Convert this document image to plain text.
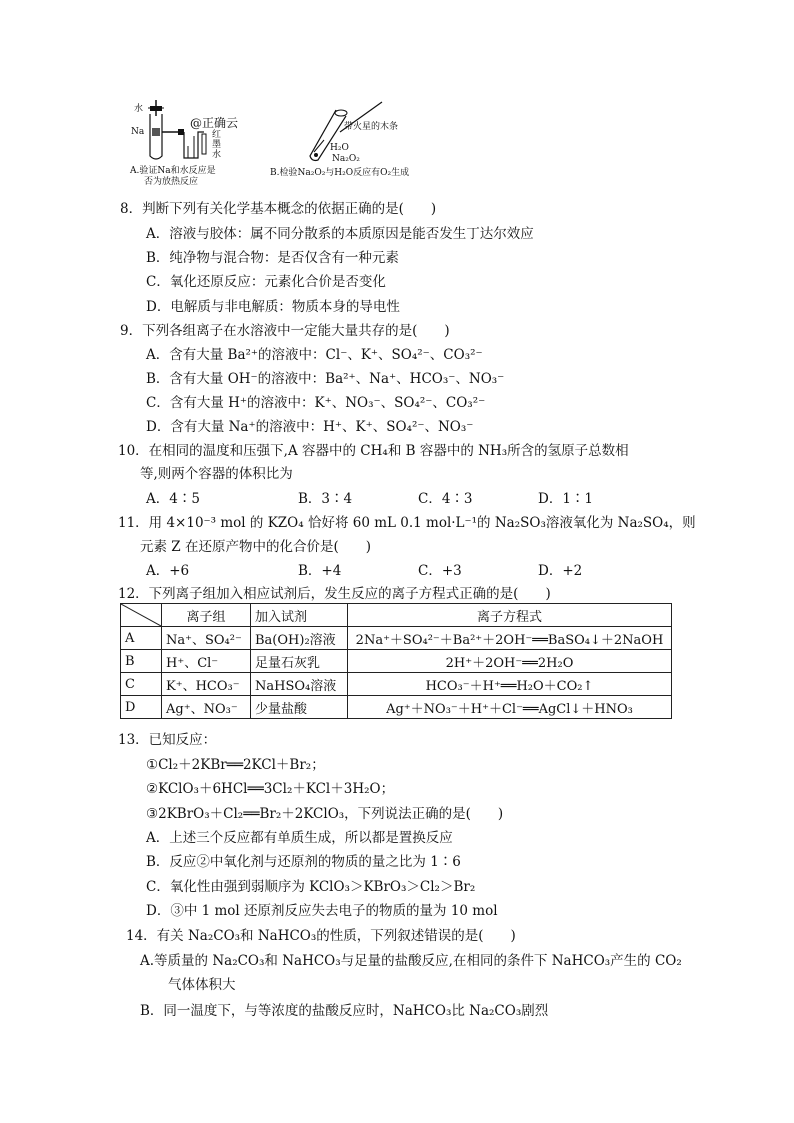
水
Na
@正确云
红
墨
水
A.验证Na和水反应是
否为放热反应
带火星的木条
H₂O
Na₂O₂
B.检验Na₂O₂与H₂O反应有O₂生成
8．判断下列有关化学基本概念的依据正确的是(　　)
A．溶液与胶体：属不同分散系的本质原因是能否发生丁达尔效应
B．纯净物与混合物：是否仅含有一种元素
C．氧化还原反应：元素化合价是否变化
D．电解质与非电解质：物质本身的导电性
9．下列各组离子在水溶液中一定能大量共存的是(　　)
A．含有大量 Ba²⁺的溶液中：Cl⁻、K⁺、SO₄²⁻、CO₃²⁻
B．含有大量 OH⁻的溶液中：Ba²⁺、Na⁺、HCO₃⁻、NO₃⁻
C．含有大量 H⁺的溶液中：K⁺、NO₃⁻、SO₄²⁻、CO₃²⁻
D．含有大量 Na⁺的溶液中：H⁺、K⁺、SO₄²⁻、NO₃⁻
10．在相同的温度和压强下,A 容器中的 CH₄和 B 容器中的 NH₃所含的氢原子总数相
等,则两个容器的体积比为
A．4∶5	B．3∶4	C．4∶3	D．1∶1
11．用 4×10⁻³ mol 的 KZO₄ 恰好将 60 mL 0.1 mol·L⁻¹的 Na₂SO₃溶液氧化为 Na₂SO₄，则
元素 Z 在还原产物中的化合价是(　　)
A．+6	B．+4	C．+3	D．+2
12．下列离子组加入相应试剂后，发生反应的离子方程式正确的是(　　)
	离子组	加入试剂	离子方程式
A	Na⁺、SO₄²⁻	Ba(OH)₂溶液	2Na⁺＋SO₄²⁻＋Ba²⁺＋2OH⁻══BaSO₄↓＋2NaOH
B	H⁺、Cl⁻	足量石灰乳	2H⁺＋2OH⁻══2H₂O
C	K⁺、HCO₃⁻	NaHSO₄溶液	HCO₃⁻＋H⁺══H₂O＋CO₂↑
D	Ag⁺、NO₃⁻	少量盐酸	Ag⁺＋NO₃⁻＋H⁺＋Cl⁻══AgCl↓＋HNO₃
13．已知反应：
①Cl₂＋2KBr══2KCl＋Br₂；
②KClO₃＋6HCl══3Cl₂＋KCl＋3H₂O；
③2KBrO₃＋Cl₂══Br₂＋2KClO₃，下列说法正确的是(　　)
A．上述三个反应都有单质生成，所以都是置换反应
B．反应②中氧化剂与还原剂的物质的量之比为 1∶6
C．氧化性由强到弱顺序为 KClO₃＞KBrO₃＞Cl₂＞Br₂
D．③中 1 mol 还原剂反应失去电子的物质的量为 10 mol
14．有关 Na₂CO₃和 NaHCO₃的性质，下列叙述错误的是(　　)
A.等质量的 Na₂CO₃和 NaHCO₃与足量的盐酸反应,在相同的条件下 NaHCO₃产生的 CO₂
气体体积大
B．同一温度下，与等浓度的盐酸反应时，NaHCO₃比 Na₂CO₃剧烈
